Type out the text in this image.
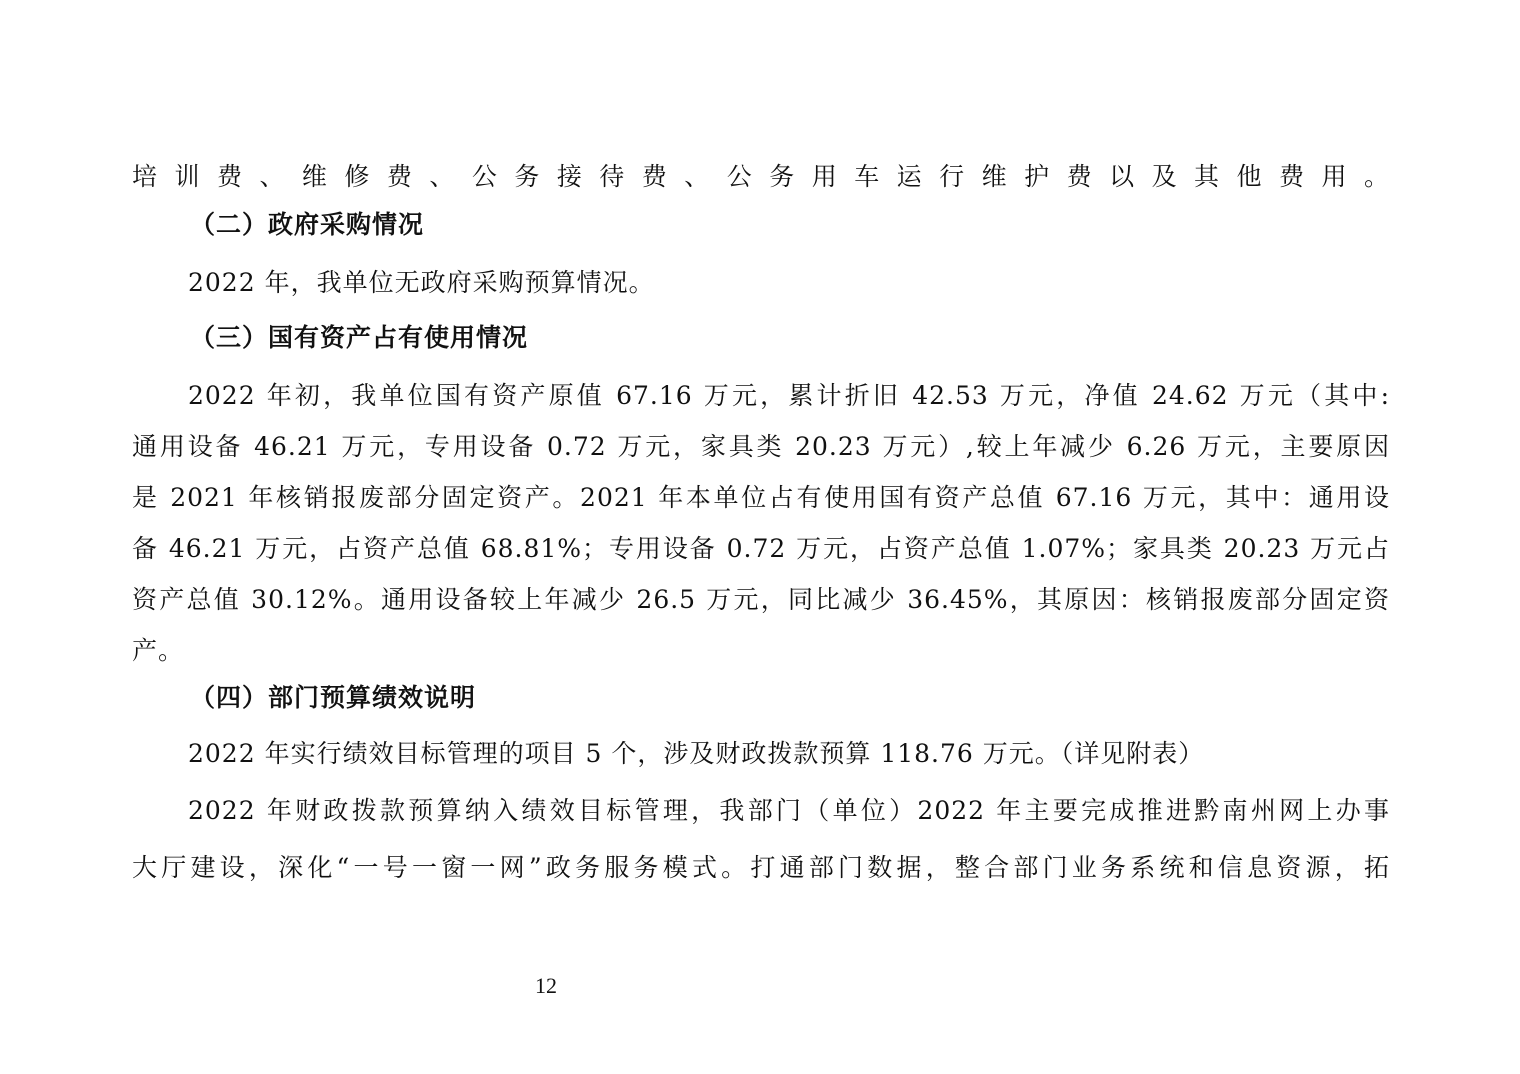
培训费、维修费、公务接待费、公务用车运行维护费以及其他费用。
（二）政府采购情况
2022 年，我单位无政府采购预算情况。
（三）国有资产占有使用情况
2022 年初，我单位国有资产原值 67.16 万元，累计折旧 42.53 万元，净值 24.62 万元（其中:
通用设备 46.21 万元，专用设备 0.72 万元，家具类 20.23 万元）,较上年减少 6.26 万元，主要原因
是 2021 年核销报废部分固定资产。2021 年本单位占有使用国有资产总值 67.16 万元，其中：通用设
备 46.21 万元，占资产总值 68.81%；专用设备 0.72 万元，占资产总值 1.07%；家具类 20.23 万元占
资产总值 30.12%。通用设备较上年减少 26.5 万元，同比减少 36.45%，其原因：核销报废部分固定资
产。
（四）部门预算绩效说明
2022 年实行绩效目标管理的项目 5 个，涉及财政拨款预算 118.76 万元。（详见附表）
2022 年财政拨款预算纳入绩效目标管理，我部门（单位）2022 年主要完成推进黔南州网上办事
大厅建设，深化“一号一窗一网”政务服务模式。打通部门数据，整合部门业务系统和信息资源，拓
12
